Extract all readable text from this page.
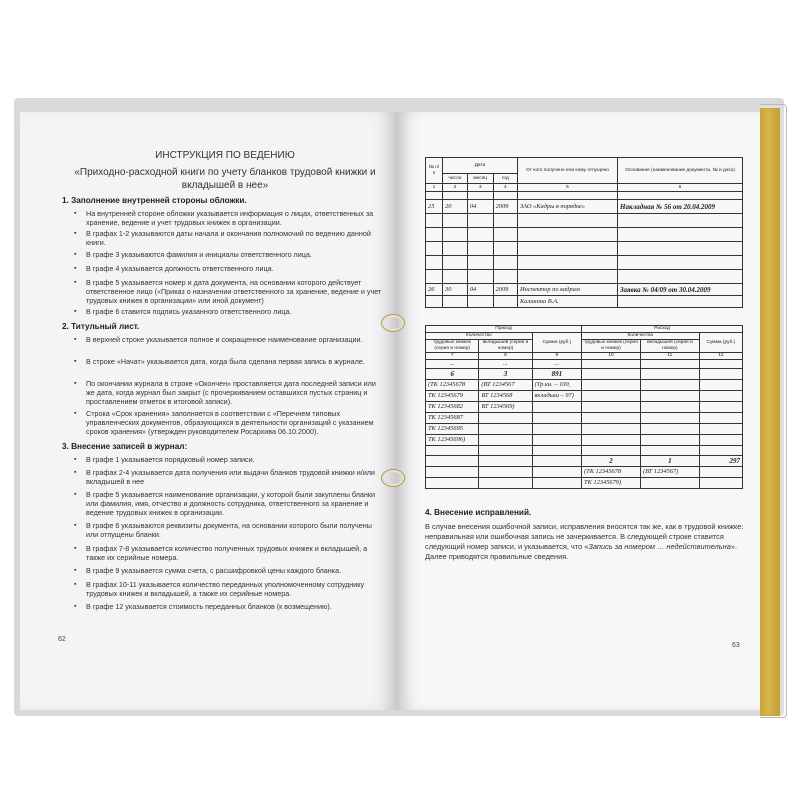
ИНСТРУКЦИЯ ПО ВЕДЕНИЮ
«Приходно-расходной книги по учету бланков трудовой книжки и вкладышей в нее»
1. Заполнение внутренней стороны обложки.
▪ На внутренней стороне обложки указывается информация о лицах, ответственных за хранение, ведение и учет трудовых книжек в организации.
▪ В графах 1-2 указываются даты начала и окончания полномочий по ведению данной книги.
▪ В графе 3 указываются фамилия и инициалы ответственного лица.
▪ В графе 4 указывается должность ответственного лица.
▪ В графе 5 указывается номер и дата документа, на основании которого действует ответственное лицо («Приказ о назначении ответственного за хранение, ведение и учет трудовых книжек в организации» или иной документ)
▪ В графе 6 ставится подпись указанного ответственного лица.
2. Титульный лист.
▪ В верхней строке указывается полное и сокращенное наименование организации.
▪ В строке «Начат» указывается дата, когда была сделана первая запись в журнале.
▪ По окончании журнала в строке «Окончен» проставляется дата последней записи или же дата, когда журнал был закрыт (с прочеркиванием оставшихся пустых страниц и проставлением отметок в итоговой записи).
▪ Строка «Срок хранения» заполняется в соответствии с «Перечнем типовых управленческих документов, образующихся в деятельности организаций с указанием сроков хранения» (утвержден руководителем Росархива 06.10.2000).
3. Внесение записей в журнал:
▪ В графе 1 указывается порядковый номер записи.
▪ В графах 2-4 указывается дата получения или выдачи бланков трудовой книжки и/или вкладышей в нее
▪ В графе 5 указывается наименование организации, у которой были закуплены бланки или фамилия, имя, отчество и должность сотрудника, ответственного за хранение и ведение трудовых книжек в организации.
▪ В графе 6 указываются реквизиты документа, на основании которого были получены или отпущены бланки.
▪ В графах 7-8 указывается количество полученных трудовых книжек и вкладышей, а также их серийные номера.
▪ В графе 9 указывается сумма счета, с расшифровкой цены каждого бланка.
▪ В графах 10-11 указывается количество переданных уполномоченному сотруднику трудовых книжек и вкладышей, а также их серийные номера.
▪ В графе 12 указывается стоимость переданных бланков (к возмещению).
62
№ п/п	Дата			От кого получено или кому отпущено	Основание (наименование документа, № и дата)
	число	месяц	год		
1	2	3	4	5	6

25	20	04	2009	ЗАО «Кадры в порядке»	Накладная № 56 от 20.04.2009

26	30	04	2009	Инспектор по кадрам	Заявка № 04/09 от 30.04.2009
				Калинина В.А.	
Приход			Расход		
Количество		Сумма (руб.)	Количество		Сумма (руб.)
трудовых книжек (серия и номер)	вкладышей (серия и номер)		трудовых книжек (серия и номер)	вкладышей (серия и номер)	
7	8	9	10	11	12
...	...	...			
6	3	891			
(ТК 12345678	(ВТ 1234567	(Тр.кн. – 100,			
ТК 12345679	ВТ 1234568	вкладыш – 97)			
ТК 12345682	ВТ 1234569)				
ТК 12345687					
ТК 12345695					
ТК 12345696)					

			2	1	297
			(ТК 12345678	(ВТ 1234567)	
			ТК 12345679)		
4. Внесение исправлений.
В случае внесения ошибочной записи, исправления вносятся так же, как в трудовой книжке: неправильная или ошибочная запись не зачеркивается. В следующей строке ставится следующий номер записи, и указывается, что «Запись за номером … недействительна». Далее приводятся правильные сведения.
63
